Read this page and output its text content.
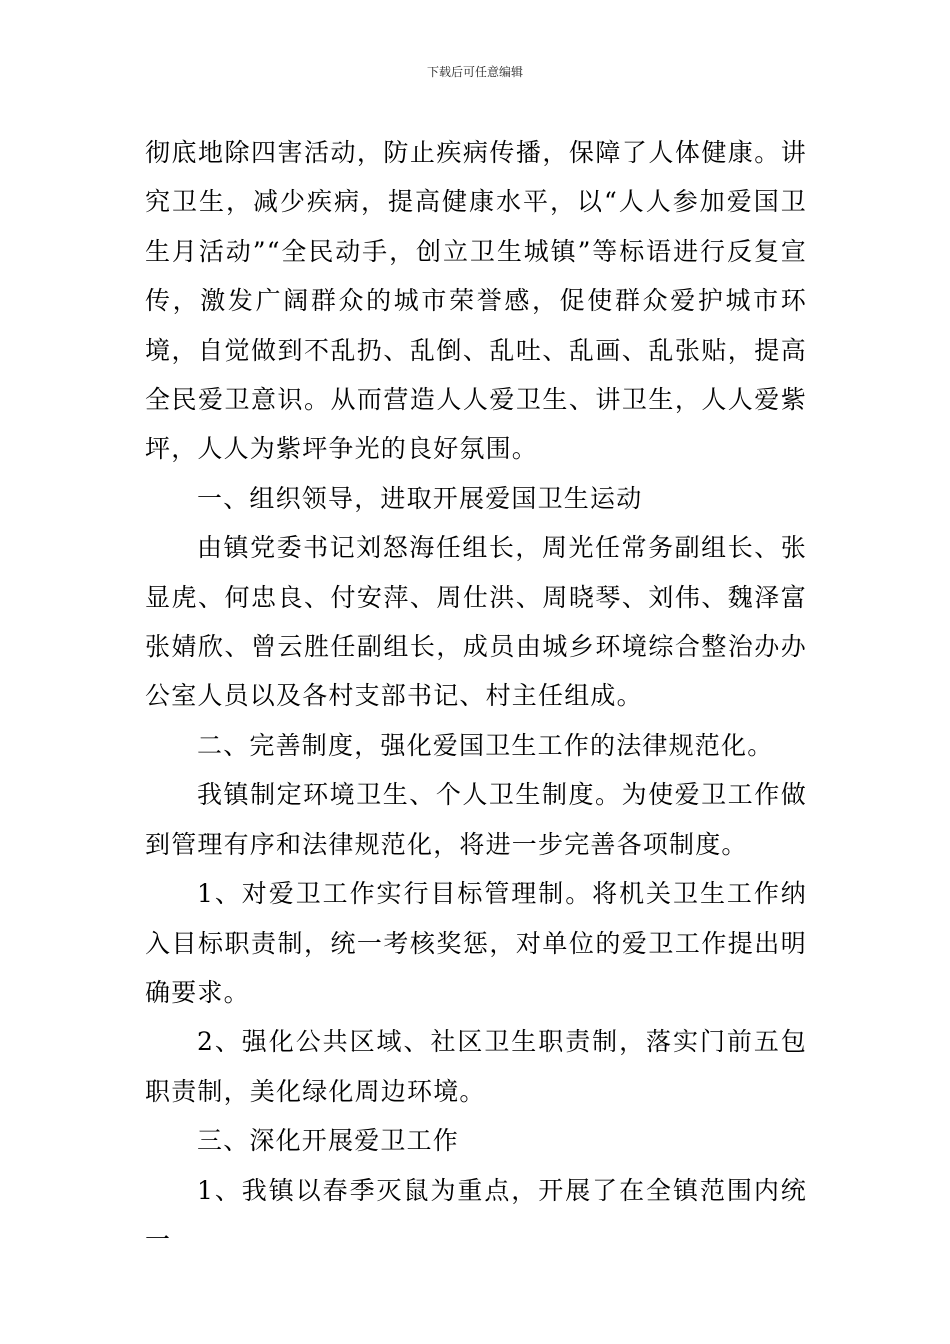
下载后可任意编辑

彻底地除四害活动，防止疾病传播，保障了人体健康。讲究卫生，减少疾病，提高健康水平，以“人人参加爱国卫生月活动”“全民动手，创立卫生城镇”等标语进行反复宣传，激发广阔群众的城市荣誉感，促使群众爱护城市环境，自觉做到不乱扔、乱倒、乱吐、乱画、乱张贴，提高全民爱卫意识。从而营造人人爱卫生、讲卫生，人人爱紫坪，人人为紫坪争光的良好氛围。

一、组织领导，进取开展爱国卫生运动

由镇党委书记刘怒海任组长，周光任常务副组长、张显虎、何忠良、付安萍、周仕洪、周晓琴、刘伟、魏泽富张婧欣、曾云胜任副组长，成员由城乡环境综合整治办办公室人员以及各村支部书记、村主任组成。

二、完善制度，强化爱国卫生工作的法律规范化。

我镇制定环境卫生、个人卫生制度。为使爱卫工作做到管理有序和法律规范化，将进一步完善各项制度。

1、对爱卫工作实行目标管理制。将机关卫生工作纳入目标职责制，统一考核奖惩，对单位的爱卫工作提出明确要求。

2、强化公共区域、社区卫生职责制，落实门前五包职责制，美化绿化周边环境。

三、深化开展爱卫工作

1、我镇以春季灭鼠为重点，开展了在全镇范围内统一
